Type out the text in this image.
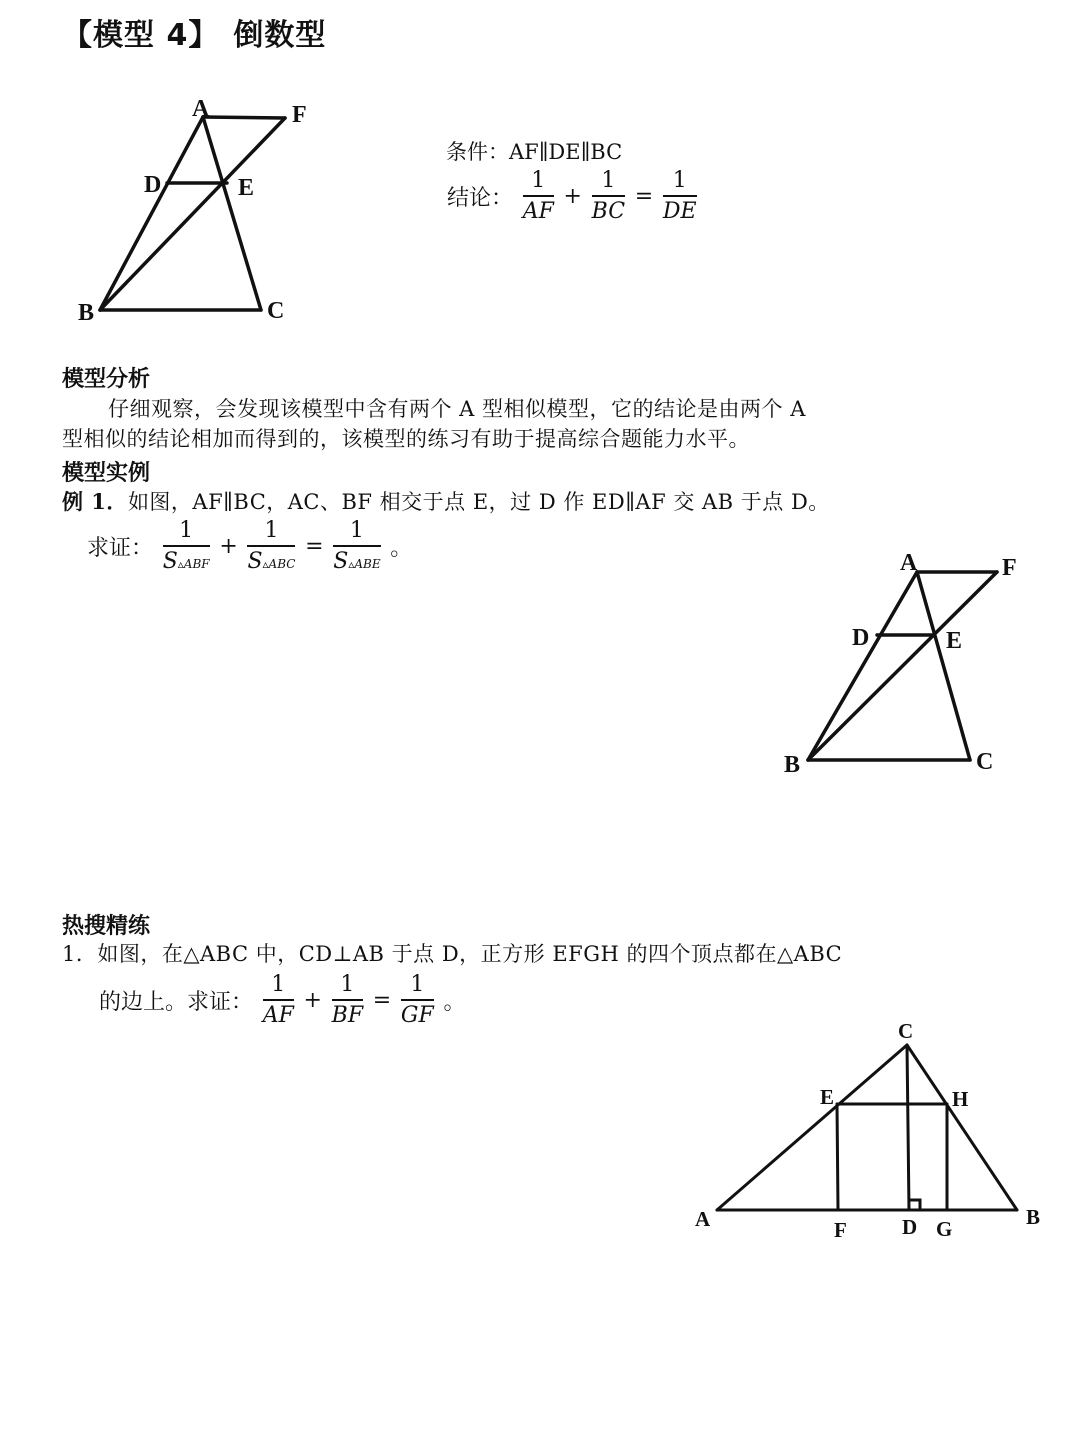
【模型 4】 倒数型
A	F
D	E
B	C
条件：AF∥DE∥BC
结论： $\frac{1}{AF} + \frac{1}{BC} = \frac{1}{DE}$
模型分析
仔细观察，会发现该模型中含有两个 A 型相似模型，它的结论是由两个 A
型相似的结论相加而得到的，该模型的练习有助于提高综合题能力水平。
模型实例
例 1．如图，AF∥BC，AC、BF 相交于点 E，过 D 作 ED∥AF 交 AB 于点 D。
求证： $\frac{1}{\text{S▵ABF}} + \frac{1}{\text{S▵ABC}} = \frac{1}{\text{S▵ABE}}$ 。
A	F
D	E
B	C
热搜精练
1．如图，在△ABC 中，CD⊥AB 于点 D，正方形 EFGH 的四个顶点都在△ABC
的边上。求证： $\frac{1}{AF} + \frac{1}{BF} = \frac{1}{GF}$ 。
C
E	H
A	F	D G	B
